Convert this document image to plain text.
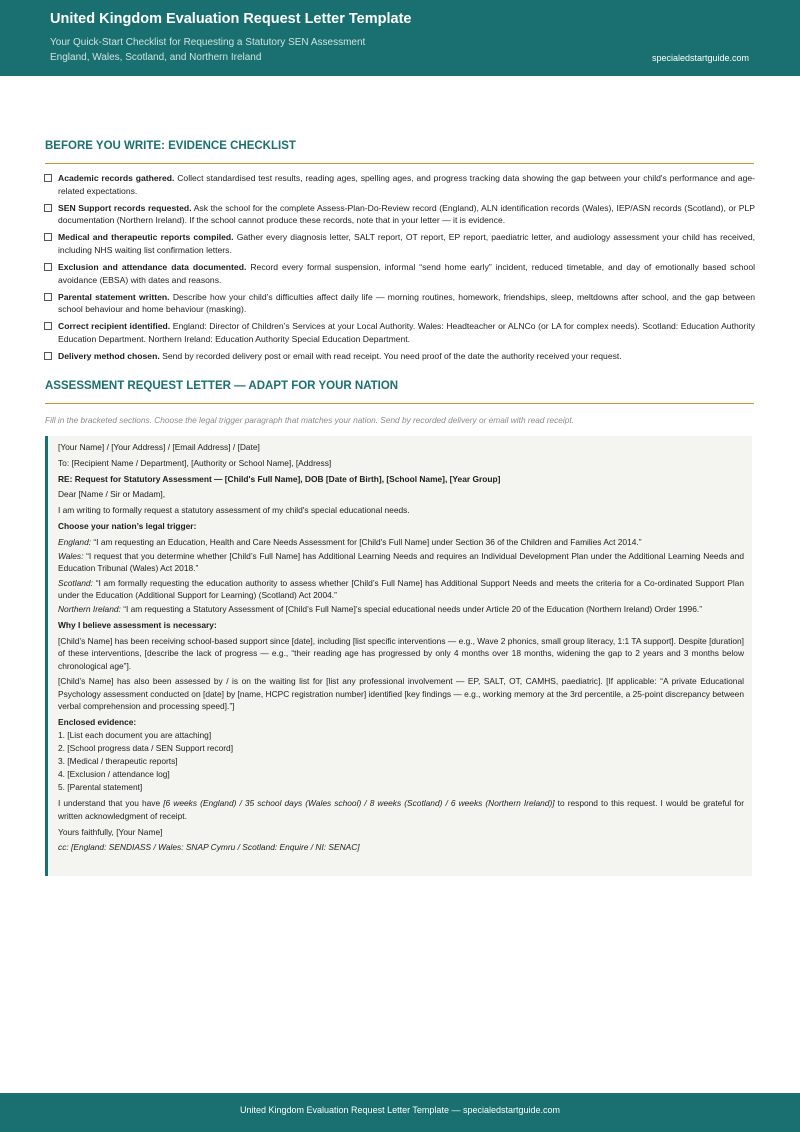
United Kingdom Evaluation Request Letter Template
Your Quick-Start Checklist for Requesting a Statutory SEN Assessment
England, Wales, Scotland, and Northern Ireland	specialedstartguide.com
BEFORE YOU WRITE: EVIDENCE CHECKLIST
Academic records gathered. Collect standardised test results, reading ages, spelling ages, and progress tracking data showing the gap between your child's performance and age-related expectations.
SEN Support records requested. Ask the school for the complete Assess-Plan-Do-Review record (England), ALN identification records (Wales), IEP/ASN records (Scotland), or PLP documentation (Northern Ireland). If the school cannot produce these records, note that in your letter — it is evidence.
Medical and therapeutic reports compiled. Gather every diagnosis letter, SALT report, OT report, EP report, paediatric letter, and audiology assessment your child has received, including NHS waiting list confirmation letters.
Exclusion and attendance data documented. Record every formal suspension, informal “send home early” incident, reduced timetable, and day of emotionally based school avoidance (EBSA) with dates and reasons.
Parental statement written. Describe how your child’s difficulties affect daily life — morning routines, homework, friendships, sleep, meltdowns after school, and the gap between school behaviour and home behaviour (masking).
Correct recipient identified. England: Director of Children’s Services at your Local Authority. Wales: Headteacher or ALNCo (or LA for complex needs). Scotland: Education Authority Education Department. Northern Ireland: Education Authority Special Education Department.
Delivery method chosen. Send by recorded delivery post or email with read receipt. You need proof of the date the authority received your request.
ASSESSMENT REQUEST LETTER — ADAPT FOR YOUR NATION
Fill in the bracketed sections. Choose the legal trigger paragraph that matches your nation. Send by recorded delivery or email with read receipt.

[Your Name] / [Your Address] / [Email Address] / [Date]

To: [Recipient Name / Department], [Authority or School Name], [Address]

RE: Request for Statutory Assessment — [Child's Full Name], DOB [Date of Birth], [School Name], [Year Group]

Dear [Name / Sir or Madam],

I am writing to formally request a statutory assessment of my child's special educational needs.

Choose your nation’s legal trigger:

England: “I am requesting an Education, Health and Care Needs Assessment for [Child's Full Name] under Section 36 of the Children and Families Act 2014.”

Wales: “I request that you determine whether [Child’s Full Name] has Additional Learning Needs and requires an Individual Development Plan under the Additional Learning Needs and Education Tribunal (Wales) Act 2018.”

Scotland: “I am formally requesting the education authority to assess whether [Child’s Full Name] has Additional Support Needs and meets the criteria for a Co-ordinated Support Plan under the Education (Additional Support for Learning) (Scotland) Act 2004.”

Northern Ireland: “I am requesting a Statutory Assessment of [Child’s Full Name]’s special educational needs under Article 20 of the Education (Northern Ireland) Order 1996.”

Why I believe assessment is necessary:

[Child’s Name] has been receiving school-based support since [date], including [list specific interventions — e.g., Wave 2 phonics, small group literacy, 1:1 TA support]. Despite [duration] of these interventions, [describe the lack of progress — e.g., “their reading age has progressed by only 4 months over 18 months, widening the gap to 2 years and 3 months below chronological age”].

[Child’s Name] has also been assessed by / is on the waiting list for [list any professional involvement — EP, SALT, OT, CAMHS, paediatric]. [If applicable: “A private Educational Psychology assessment conducted on [date] by [name, HCPC registration number] identified [key findings — e.g., working memory at the 3rd percentile, a 25-point discrepancy between verbal comprehension and processing speed].”]

Enclosed evidence:

1. [List each document you are attaching]
2. [School progress data / SEN Support record]
3. [Medical / therapeutic reports]
4. [Exclusion / attendance log]
5. [Parental statement]

I understand that you have [6 weeks (England) / 35 school days (Wales school) / 8 weeks (Scotland) / 6 weeks (Northern Ireland)] to respond to this request. I would be grateful for written acknowledgment of receipt.

Yours faithfully, [Your Name]

cc: [England: SENDIASS / Wales: SNAP Cymru / Scotland: Enquire / NI: SENAC]

United Kingdom Evaluation Request Letter Template — specialedstartguide.com
